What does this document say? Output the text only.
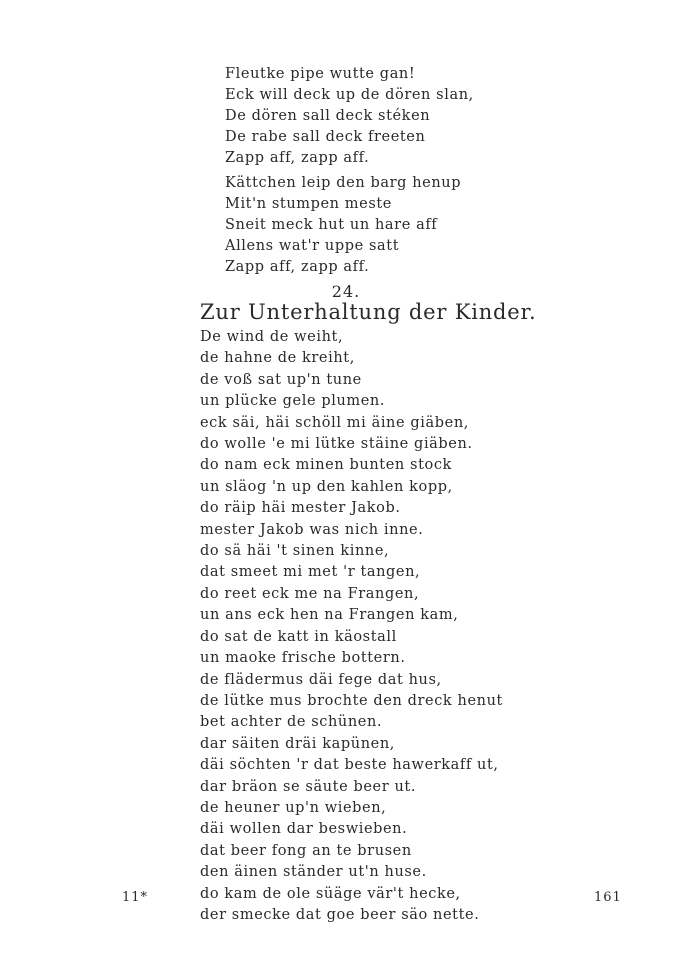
Fleutke pipe wutte gan!
Eck will deck up de dören slan,
De dören sall deck stéken
De rabe sall deck freeten
Zapp aff, zapp aff.
Kättchen leip den barg henup
Mit'n stumpen meste
Sneit meck hut un hare aff
Allens wat'r uppe satt
Zapp aff, zapp aff.
24.
Zur Unterhaltung der Kinder.
De wind de weiht,
de hahne de kreiht,
de voß sat up'n tune
un plücke gele plumen.
eck säi, häi schöll mi äine giäben,
do wolle 'e mi lütke stäine giäben.
do nam eck minen bunten stock
un släog 'n up den kahlen kopp,
do räip häi mester Jakob.
mester Jakob was nich inne.
do sä häi 't sinen kinne,
dat smeet mi met 'r tangen,
do reet eck me na Frangen,
un ans eck hen na Frangen kam,
do sat de katt in käostall
un maoke frische bottern.
de flädermus däi fege dat hus,
de lütke mus brochte den dreck henut
bet achter de schünen.
dar säiten dräi kapünen,
däi söchten 'r dat beste hawerkaff ut,
dar bräon se säute beer ut.
de heuner up'n wieben,
däi wollen dar beswieben.
dat beer fong an te brusen
den äinen ständer ut'n huse.
do kam de ole süäge vär't hecke,
der smecke dat goe beer säo nette.
11*	161
